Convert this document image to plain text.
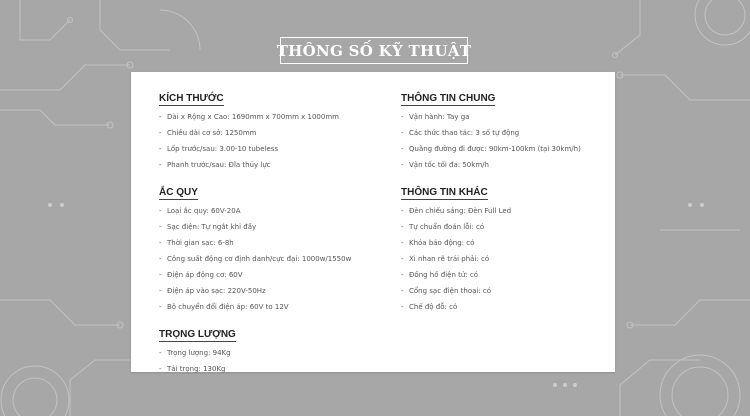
THÔNG SỐ KỸ THUẬT
KÍCH THƯỚC
- Dài x Rộng x Cao: 1690mm x 700mm x 1000mm
- Chiều dài cơ sở: 1250mm
- Lốp trước/sau: 3.00-10 tubeless
- Phanh trước/sau: Đĩa thủy lực
ẮC QUY
- Loại ắc quy: 60V-20A
- Sạc điện: Tự ngắt khi đầy
- Thời gian sạc: 6-8h
- Công suất động cơ định danh/cực đại: 1000w/1550w
- Điện áp động cơ: 60V
- Điện áp vào sạc: 220V-50Hz
- Bộ chuyển đổi điện áp: 60V to 12V
TRỌNG LƯỢNG
- Trọng lượng: 94Kg
- Tải trọng: 130Kg
THÔNG TIN CHUNG
- Vận hành: Tay ga
- Các thức thao tác: 3 số tự động
- Quãng đường đi được: 90km-100km (tại 30km/h)
- Vận tốc tối đa: 50km/h
THÔNG TIN KHÁC
- Đèn chiếu sáng: Đèn Full Led
- Tự chuẩn đoán lỗi: có
- Khóa báo động: có
- Xi nhan rẽ trái phải: có
- Đồng hồ điện tử: có
- Cổng sạc điện thoại: có
- Chế độ đỗ: có
